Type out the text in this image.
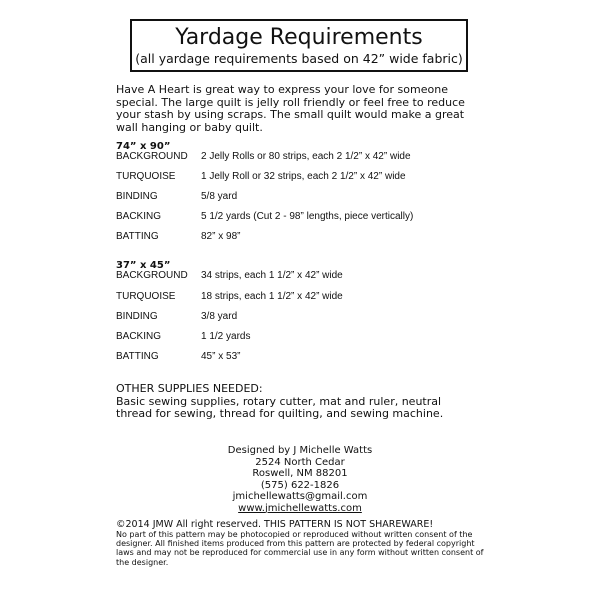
Yardage Requirements
(all yardage requirements based on 42” wide fabric)
Have A Heart is great way to express your love for someone special. The large quilt is jelly roll friendly or feel free to reduce your stash by using scraps. The small quilt would make a great wall hanging or baby quilt.
74” x 90”
BACKGROUND 2 Jelly Rolls or 80 strips, each 2 1/2” x 42” wide
TURQUOISE	1 Jelly Roll or 32 strips, each 2 1/2” x 42” wide
BINDING	5/8 yard
BACKING	5 1/2 yards (Cut 2 - 98” lengths, piece vertically)
BATTING	82” x 98”
37” x 45”
BACKGROUND 34 strips, each 1 1/2” x 42” wide
TURQUOISE	18 strips, each 1 1/2” x 42” wide
BINDING	3/8 yard
BACKING	1 1/2 yards
BATTING	45” x 53”
OTHER SUPPLIES NEEDED:
Basic sewing supplies, rotary cutter, mat and ruler, neutral thread for sewing, thread for quilting, and sewing machine.
Designed by J Michelle Watts
2524 North Cedar
Roswell, NM 88201
(575) 622-1826
jmichellewatts@gmail.com
www.jmichellewatts.com
©2014 JMW All right reserved. THIS PATTERN IS NOT SHAREWARE!
No part of this pattern may be photocopied or reproduced without written consent of the designer. All finished items produced from this pattern are protected by federal copyright laws and may not be reproduced for commercial use in any form without written consent of the designer.
